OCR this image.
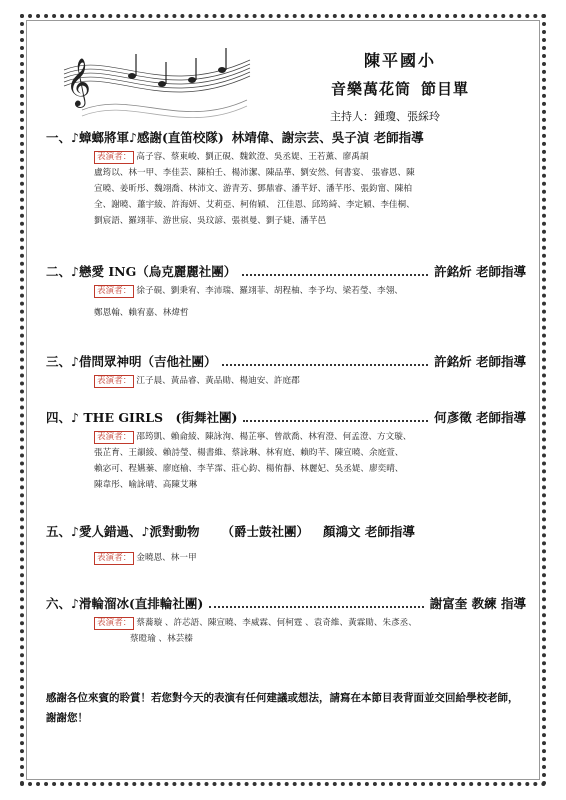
𝄞	陳平國小
音樂萬花筒 節目單
主持人：鍾瓊、張綵玲
一、♪蟑螂將軍♪感謝(直笛校隊) 林靖偉、謝宗芸、吳子湞 老師指導
表演者： 高子容、蔡東峻、劉正硯、魏欽澄、吳丞媞、王若薰、廖禹頡
盧筠以、林一甲、李佳芸、陳柏壬、楊沛潔、陳品華、劉安然、何書宴、 張睿恩、陳
宣曉、姜昕彤、魏翊喬、林沛文、游青芳、鄧鼎睿、潘芊妤、潘芊彤、張鈞甯、陳柏
全、謝曉、蕭宇綾、許海妍、艾莉亞、柯侑穎、 江佳恩、邱筠綺、李定穎、李佳桐、
劉宸語、羅翊菲、游世宸、吳玟諺、張祺曼、劉子婕、潘芊邑
二、♪戀愛 ING（烏克麗麗社團）	許銘炘 老師指導
表演者： 徐子硯、劉秉宥、李沛瑞、羅翊菲、胡程柚、李予均、梁若瑩、李翎、
鄭恩翰、賴宥嘉、林煒哲
三、♪借問眾神明（吉他社團）	許銘炘 老師指導
表演者： 江子晨、黃品睿、黃品勛、楊迪安、許庭郡
四、♪ THE GIRLS　(街舞社團)	何彥徵 老師指導
表演者： 邵筠凱、賴侖綾、陳詠洵、楊芷寧、曾歆喬、林宥澄、何孟澄、方文璇、
張芷育、王韻綾、賴詩瑩、楊書維、蔡詠琳、林宥庭、賴昀芊、陳宣曉、余庭萱、
賴宓可、程嬿蓁、廖庭榆、李芊霈、莊心鈞、楊侑靜、林麗妃、吳丞媞、廖奕晴、
陳韋彤、喻詠晴、高陳艾琳
五、♪愛人錯過、♪派對動物 （爵士鼓社團） 顏鴻文 老師指導
表演者： 金曉恩、林一甲
六、♪滑輪溜冰(直排輪社團)	謝富奎 教練 指導
表演者： 蔡蕎璇 、許芯語、陳宣曉、李威霖、何柯霆 、袁奇維、黃霖勛、朱彥丞、
蔡暟瑜 、林芸榛
感謝各位來賓的聆賞！若您對今天的表演有任何建議或想法，請寫在本節目表背面並交回給學校老師，謝謝您！
